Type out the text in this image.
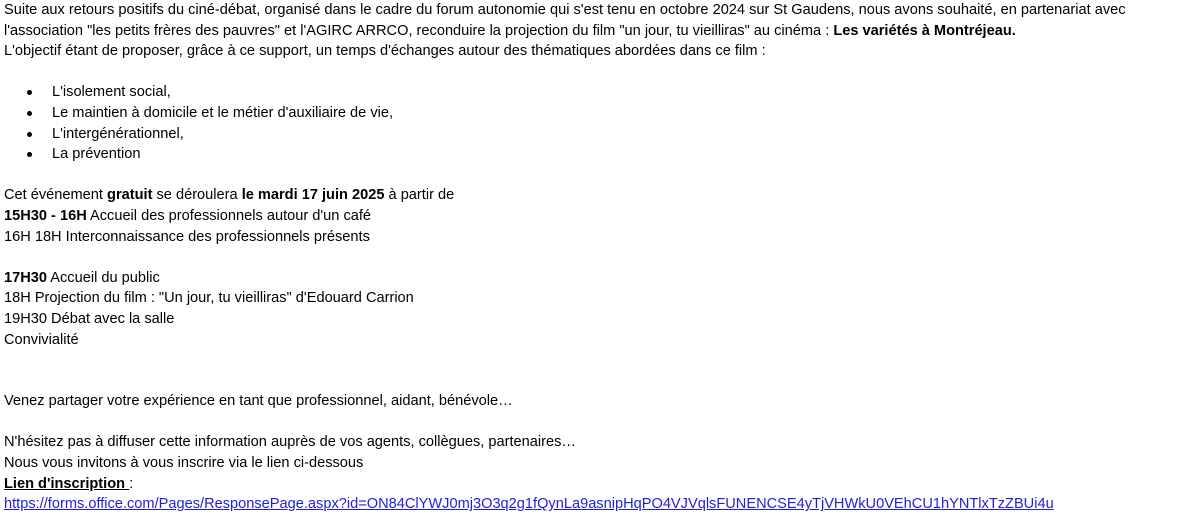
Suite aux retours positifs du ciné-débat, organisé dans le cadre du forum autonomie qui s'est tenu en octobre 2024 sur St Gaudens, nous avons souhaité, en partenariat avec
l'association "les petits frères des pauvres" et l'AGIRC ARRCO, reconduire la projection du film "un jour, tu vieilliras" au cinéma : Les variétés à Montréjeau.
L'objectif étant de proposer, grâce à ce support, un temps d'échanges autour des thématiques abordées dans ce film :
L'isolement social,
Le maintien à domicile et le métier d'auxiliaire de vie,
L'intergénérationnel,
La prévention
Cet événement gratuit se déroulera le mardi 17 juin 2025 à partir de
15H30 - 16H Accueil des professionnels autour d'un café
16H 18H Interconnaissance des professionnels présents
17H30 Accueil du public
18H Projection du film : "Un jour, tu vieilliras" d'Edouard Carrion
19H30 Débat avec la salle
Convivialité
Venez partager votre expérience en tant que professionnel, aidant, bénévole…
N'hésitez pas à diffuser cette information auprès de vos agents, collègues, partenaires…
Nous vous invitons à vous inscrire via le lien ci-dessous
Lien d'inscription :
https://forms.office.com/Pages/ResponsePage.aspx?id=ON84ClYWJ0mj3O3q2g1fQynLa9asnipHqPO4VJVqlsFUNENCSE4yTjVHWkU0VEhCU1hYNTlxTzZBUi4u
